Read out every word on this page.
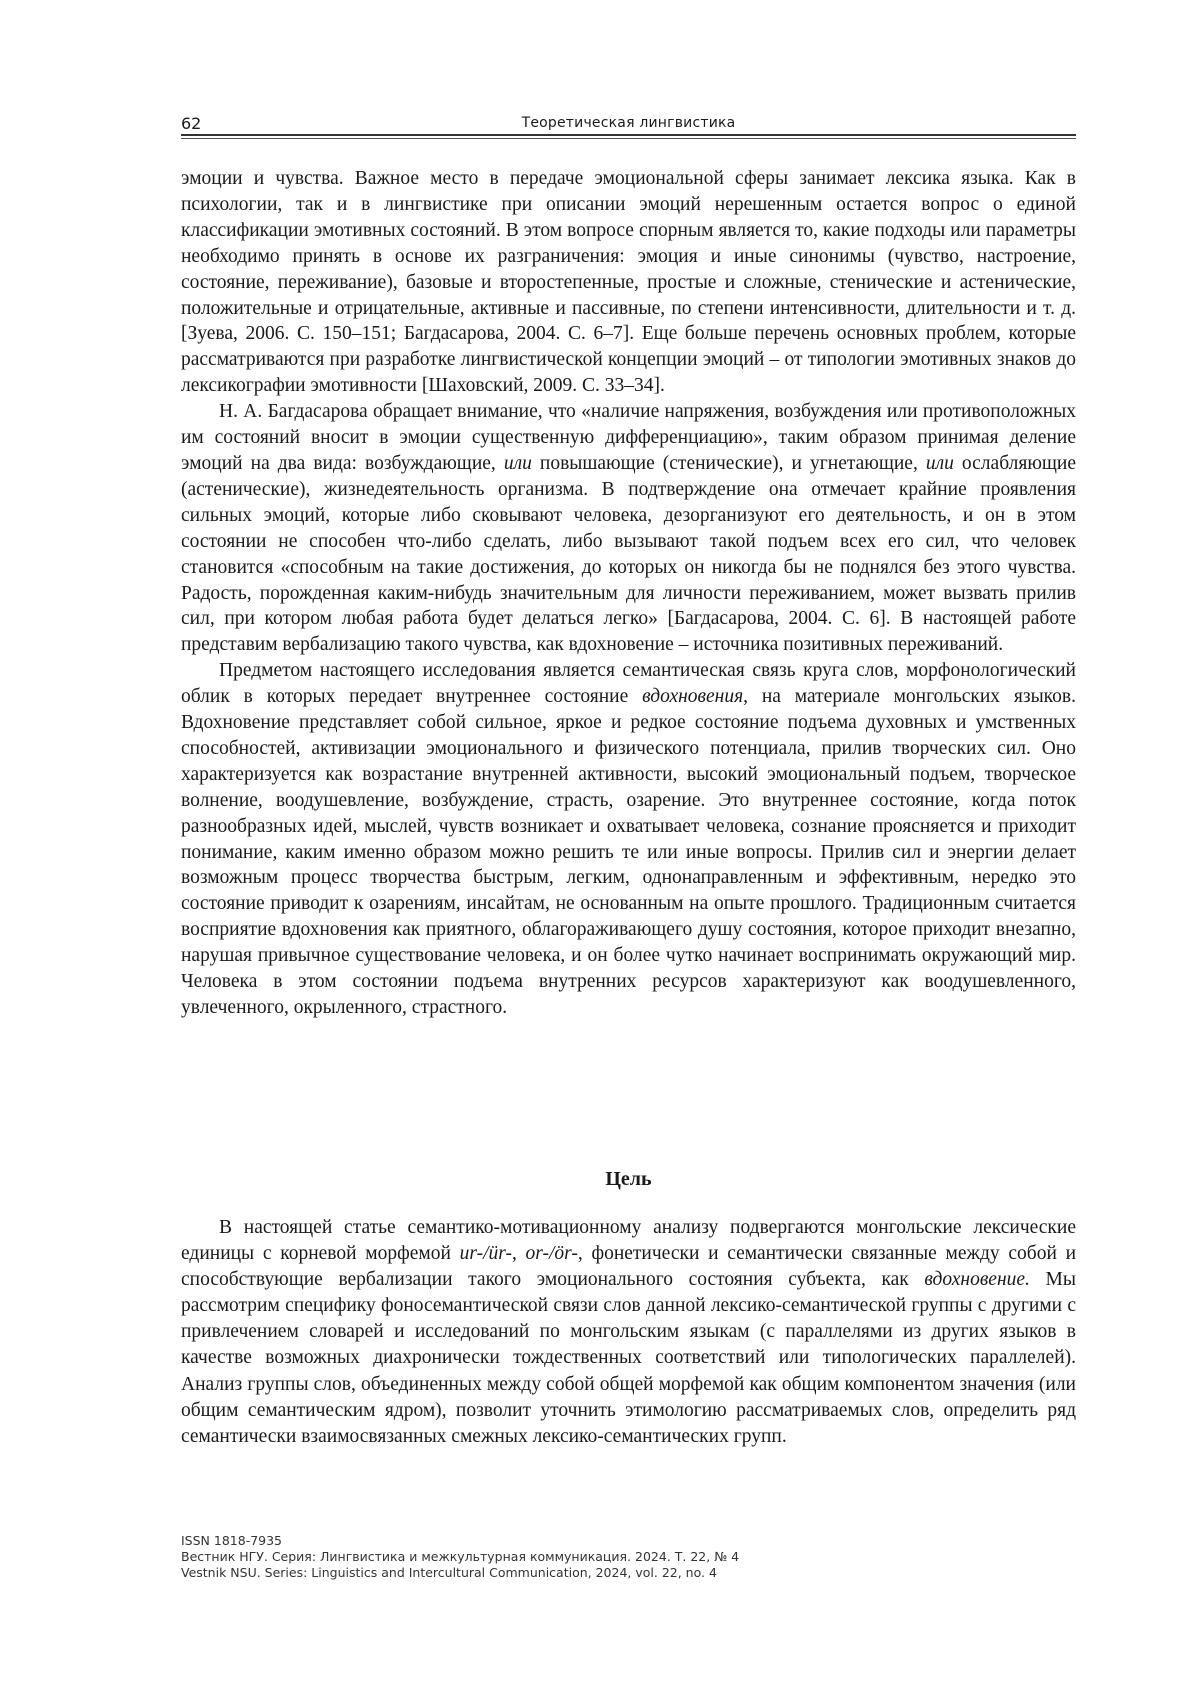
62	Теоретическая лингвистика

эмоции и чувства. Важное место в передаче эмоциональной сферы занимает лексика языка. Как в психологии, так и в лингвистике при описании эмоций нерешенным остается вопрос о единой классификации эмотивных состояний. В этом вопросе спорным является то, какие подходы или параметры необходимо принять в основе их разграничения: эмоция и иные синонимы (чувство, настроение, состояние, переживание), базовые и второстепенные, простые и сложные, стенические и астенические, положительные и отрицательные, активные и пассивные, по степени интенсивности, длительности и т. д. [Зуева, 2006. С. 150–151; Багдасарова, 2004. С. 6–7]. Еще больше перечень основных проблем, которые рассматриваются при разработке лингвистической концепции эмоций – от типологии эмотивных знаков до лексикографии эмотивности [Шаховский, 2009. С. 33–34].

Н. А. Багдасарова обращает внимание, что «наличие напряжения, возбуждения или противоположных им состояний вносит в эмоции существенную дифференциацию», таким образом принимая деление эмоций на два вида: возбуждающие, или повышающие (стенические), и угнетающие, или ослабляющие (астенические), жизнедеятельность организма. В подтверждение она отмечает крайние проявления сильных эмоций, которые либо сковывают человека, дезорганизуют его деятельность, и он в этом состоянии не способен что-либо сделать, либо вызывают такой подъем всех его сил, что человек становится «способным на такие достижения, до которых он никогда бы не поднялся без этого чувства. Радость, порожденная каким-нибудь значительным для личности переживанием, может вызвать прилив сил, при котором любая работа будет делаться легко» [Багдасарова, 2004. С. 6]. В настоящей работе представим вербализацию такого чувства, как вдохновение – источника позитивных переживаний.

Предметом настоящего исследования является семантическая связь круга слов, морфонологический облик в которых передает внутреннее состояние вдохновения, на материале монгольских языков. Вдохновение представляет собой сильное, яркое и редкое состояние подъема духовных и умственных способностей, активизации эмоционального и физического потенциала, прилив творческих сил. Оно характеризуется как возрастание внутренней активности, высокий эмоциональный подъем, творческое волнение, воодушевление, возбуждение, страсть, озарение. Это внутреннее состояние, когда поток разнообразных идей, мыслей, чувств возникает и охватывает человека, сознание проясняется и приходит понимание, каким именно образом можно решить те или иные вопросы. Прилив сил и энергии делает возможным процесс творчества быстрым, легким, однонаправленным и эффективным, нередко это состояние приводит к озарениям, инсайтам, не основанным на опыте прошлого. Традиционным считается восприятие вдохновения как приятного, облагораживающего душу состояния, которое приходит внезапно, нарушая привычное существование человека, и он более чутко начинает воспринимать окружающий мир. Человека в этом состоянии подъема внутренних ресурсов характеризуют как воодушевленного, увлеченного, окрыленного, страстного.

Цель

В настоящей статье семантико-мотивационному анализу подвергаются монгольские лексические единицы с корневой морфемой ur-/ür-, or-/ör-, фонетически и семантически связанные между собой и способствующие вербализации такого эмоционального состояния субъекта, как вдохновение. Мы рассмотрим специфику фоносемантической связи слов данной лексико-семантической группы с другими с привлечением словарей и исследований по монгольским языкам (с параллелями из других языков в качестве возможных диахронически тождественных соответствий или типологических параллелей). Анализ группы слов, объединенных между собой общей морфемой как общим компонентом значения (или общим семантическим ядром), позволит уточнить этимологию рассматриваемых слов, определить ряд семантически взаимосвязанных смежных лексико-семантических групп.

ISSN 1818-7935
Вестник НГУ. Серия: Лингвистика и межкультурная коммуникация. 2024. Т. 22, № 4
Vestnik NSU. Series: Linguistics and Intercultural Communication, 2024, vol. 22, no. 4
